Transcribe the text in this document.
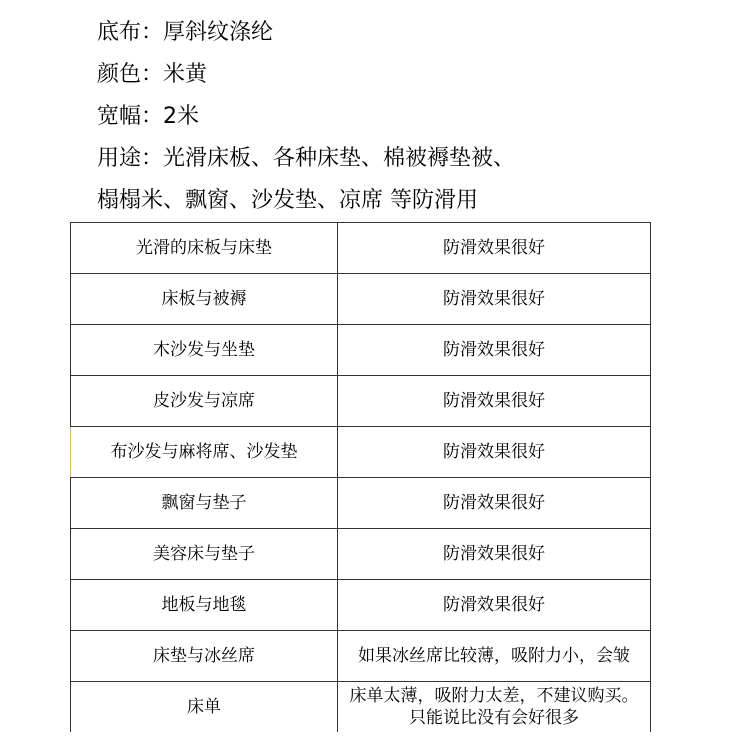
底布：厚斜纹涤纶
颜色：米黄
宽幅：2米
用途：光滑床板、各种床垫、棉被褥垫被、
榻榻米、飘窗、沙发垫、凉席 等防滑用
光滑的床板与床垫	防滑效果很好
床板与被褥	防滑效果很好
木沙发与坐垫	防滑效果很好
皮沙发与凉席	防滑效果很好
布沙发与麻将席、沙发垫	防滑效果很好
飘窗与垫子	防滑效果很好
美容床与垫子	防滑效果很好
地板与地毯	防滑效果很好
床垫与冰丝席	如果冰丝席比较薄，吸附力小，会皱
床单	床单太薄，吸附力太差，不建议购买。只能说比没有会好很多
